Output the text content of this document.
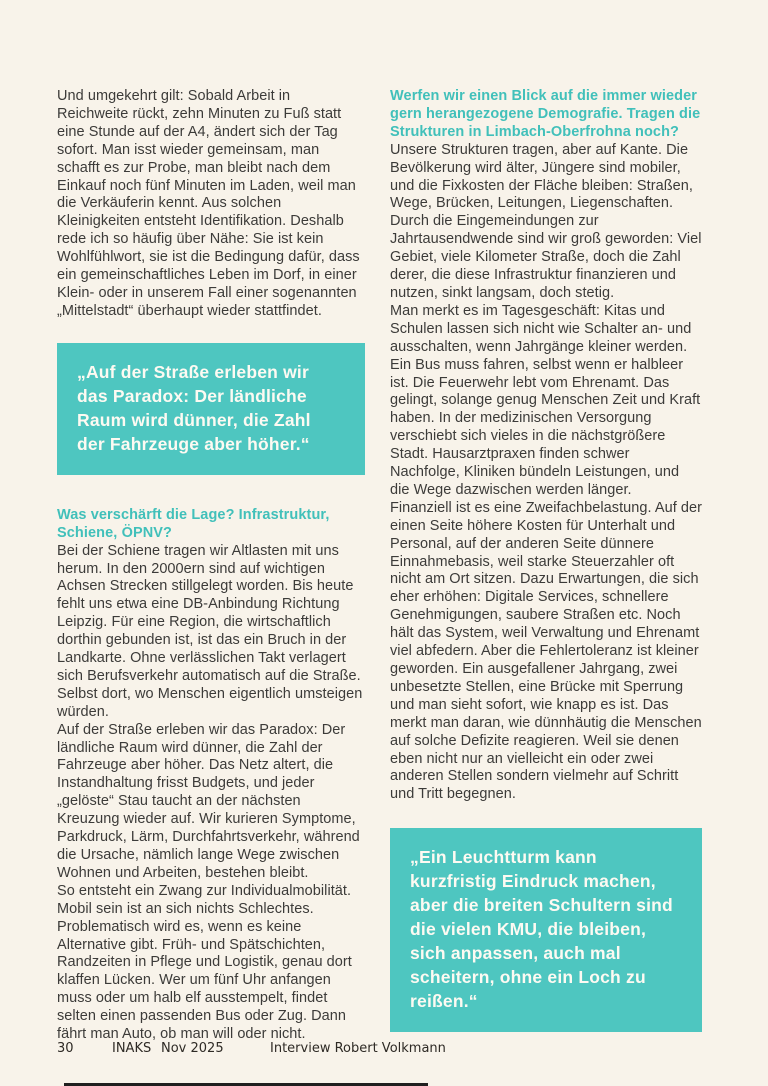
Und umgekehrt gilt: Sobald Arbeit in Reichweite rückt, zehn Minuten zu Fuß statt eine Stunde auf der A4, ändert sich der Tag sofort. Man isst wieder gemeinsam, man schafft es zur Probe, man bleibt nach dem Einkauf noch fünf Minuten im Laden, weil man die Verkäuferin kennt. Aus solchen Kleinigkeiten entsteht Identifikation. Deshalb rede ich so häufig über Nähe: Sie ist kein Wohlfühlwort, sie ist die Bedingung dafür, dass ein gemeinschaftliches Leben im Dorf, in einer Klein- oder in unserem Fall einer sogenannten „Mittelstadt“ überhaupt wieder stattfindet.

„Auf der Straße erleben wir das Paradox: Der ländliche Raum wird dünner, die Zahl der Fahrzeuge aber höher.“

Was verschärft die Lage? Infrastruktur, Schiene, ÖPNV?

Bei der Schiene tragen wir Altlasten mit uns herum. In den 2000ern sind auf wichtigen Achsen Strecken stillgelegt worden. Bis heute fehlt uns etwa eine DB-Anbindung Richtung Leipzig. Für eine Region, die wirtschaftlich dorthin gebunden ist, ist das ein Bruch in der Landkarte. Ohne verlässlichen Takt verlagert sich Berufsverkehr automatisch auf die Straße. Selbst dort, wo Menschen eigentlich umsteigen würden.

Auf der Straße erleben wir das Paradox: Der ländliche Raum wird dünner, die Zahl der Fahrzeuge aber höher. Das Netz altert, die Instandhaltung frisst Budgets, und jeder „gelöste“ Stau taucht an der nächsten Kreuzung wieder auf. Wir kurieren Symptome, Parkdruck, Lärm, Durchfahrtsverkehr, während die Ursache, nämlich lange Wege zwischen Wohnen und Arbeiten, bestehen bleibt.

So entsteht ein Zwang zur Individualmobilität. Mobil sein ist an sich nichts Schlechtes. Problematisch wird es, wenn es keine Alternative gibt. Früh- und Spätschichten, Randzeiten in Pflege und Logistik, genau dort klaffen Lücken. Wer um fünf Uhr anfangen muss oder um halb elf ausstempelt, findet selten einen passenden Bus oder Zug. Dann fährt man Auto, ob man will oder nicht.

Werfen wir einen Blick auf die immer wieder gern herangezogene Demografie. Tragen die Strukturen in Limbach-Oberfrohna noch?

Unsere Strukturen tragen, aber auf Kante. Die Bevölkerung wird älter, Jüngere sind mobiler, und die Fixkosten der Fläche bleiben: Straßen, Wege, Brücken, Leitungen, Liegenschaften. Durch die Eingemeindungen zur Jahrtausendwende sind wir groß geworden: Viel Gebiet, viele Kilometer Straße, doch die Zahl derer, die diese Infrastruktur finanzieren und nutzen, sinkt langsam, doch stetig.

Man merkt es im Tagesgeschäft: Kitas und Schulen lassen sich nicht wie Schalter an- und ausschalten, wenn Jahrgänge kleiner werden. Ein Bus muss fahren, selbst wenn er halbleer ist. Die Feuerwehr lebt vom Ehrenamt. Das gelingt, solange genug Menschen Zeit und Kraft haben. In der medizinischen Versorgung verschiebt sich vieles in die nächstgrößere Stadt. Hausarztpraxen finden schwer Nachfolge, Kliniken bündeln Leistungen, und die Wege dazwischen werden länger.

Finanziell ist es eine Zweifachbelastung. Auf der einen Seite höhere Kosten für Unterhalt und Personal, auf der anderen Seite dünnere Einnahmebasis, weil starke Steuerzahler oft nicht am Ort sitzen. Dazu Erwartungen, die sich eher erhöhen: Digitale Services, schnellere Genehmigungen, saubere Straßen etc. Noch hält das System, weil Verwaltung und Ehrenamt viel abfedern. Aber die Fehlertoleranz ist kleiner geworden. Ein ausgefallener Jahrgang, zwei unbesetzte Stellen, eine Brücke mit Sperrung und man sieht sofort, wie knapp es ist. Das merkt man daran, wie dünnhäutig die Menschen auf solche Defizite reagieren. Weil sie denen eben nicht nur an vielleicht ein oder zwei anderen Stellen sondern vielmehr auf Schritt und Tritt begegnen.

„Ein Leuchtturm kann kurzfristig Eindruck machen, aber die breiten Schultern sind die vielen KMU, die bleiben, sich anpassen, auch mal scheitern, ohne ein Loch zu reißen.“

30	INAKS Nov 2025	Interview Robert Volkmann
